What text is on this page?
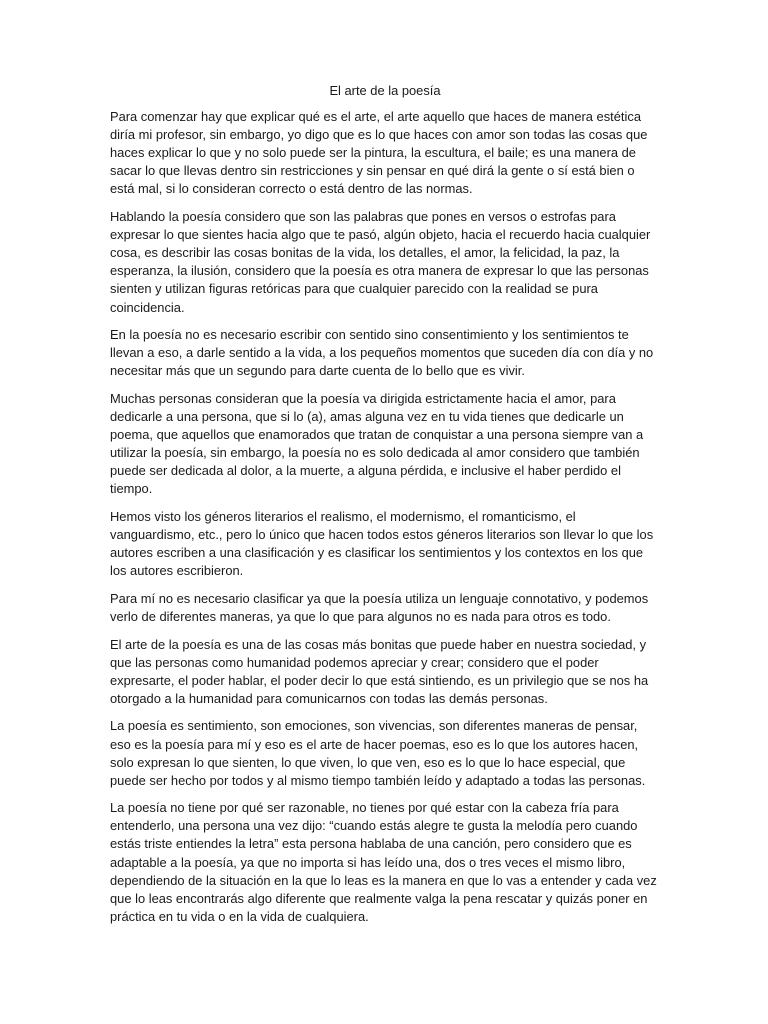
El arte de la poesía

Para comenzar hay que explicar qué es el arte, el arte aquello que haces de manera estética diría mi profesor, sin embargo, yo digo que es lo que haces con amor son todas las cosas que haces explicar lo que y no solo puede ser la pintura, la escultura, el baile; es una manera de sacar lo que llevas dentro sin restricciones y sin pensar en qué dirá la gente o sí está bien o está mal, si lo consideran correcto o está dentro de las normas.

Hablando la poesía considero que son las palabras que pones en versos o estrofas para expresar lo que sientes hacia algo que te pasó, algún objeto, hacia el recuerdo hacia cualquier cosa, es describir las cosas bonitas de la vida, los detalles, el amor, la felicidad, la paz, la esperanza, la ilusión, considero que la poesía es otra manera de expresar lo que las personas sienten y utilizan figuras retóricas para que cualquier parecido con la realidad se pura coincidencia.

En la poesía no es necesario escribir con sentido sino consentimiento y los sentimientos te llevan a eso, a darle sentido a la vida, a los pequeños momentos que suceden día con día y no necesitar más que un segundo para darte cuenta de lo bello que es vivir.

Muchas personas consideran que la poesía va dirigida estrictamente hacia el amor, para dedicarle a una persona, que si lo (a), amas alguna vez en tu vida tienes que dedicarle un poema, que aquellos que enamorados que tratan de conquistar a una persona siempre van a utilizar la poesía, sin embargo, la poesía no es solo dedicada al amor considero que también puede ser dedicada al dolor, a la muerte, a alguna pérdida, e inclusive el haber perdido el tiempo.

Hemos visto los géneros literarios el realismo, el modernismo, el romanticismo, el vanguardismo, etc., pero lo único que hacen todos estos géneros literarios son llevar lo que los autores escriben a una clasificación y es clasificar los sentimientos y los contextos en los que los autores escribieron.

Para mí no es necesario clasificar ya que la poesía utiliza un lenguaje connotativo, y podemos verlo de diferentes maneras, ya que lo que para algunos no es nada para otros es todo.

El arte de la poesía es una de las cosas más bonitas que puede haber en nuestra sociedad, y que las personas como humanidad podemos apreciar y crear; considero que el poder expresarte, el poder hablar, el poder decir lo que está sintiendo, es un privilegio que se nos ha otorgado a la humanidad para comunicarnos con todas las demás personas.

La poesía es sentimiento, son emociones, son vivencias, son diferentes maneras de pensar, eso es la poesía para mí y eso es el arte de hacer poemas, eso es lo que los autores hacen, solo expresan lo que sienten, lo que viven, lo que ven, eso es lo que lo hace especial, que puede ser hecho por todos y al mismo tiempo también leído y adaptado a todas las personas.

La poesía no tiene por qué ser razonable, no tienes por qué estar con la cabeza fría para entenderlo, una persona una vez dijo: “cuando estás alegre te gusta la melodía pero cuando estás triste entiendes la letra” esta persona hablaba de una canción, pero considero que es adaptable a la poesía, ya que no importa si has leído una, dos o tres veces el mismo libro, dependiendo de la situación en la que lo leas es la manera en que lo vas a entender y cada vez que lo leas encontrarás algo diferente que realmente valga la pena rescatar y quizás poner en práctica en tu vida o en la vida de cualquiera.
